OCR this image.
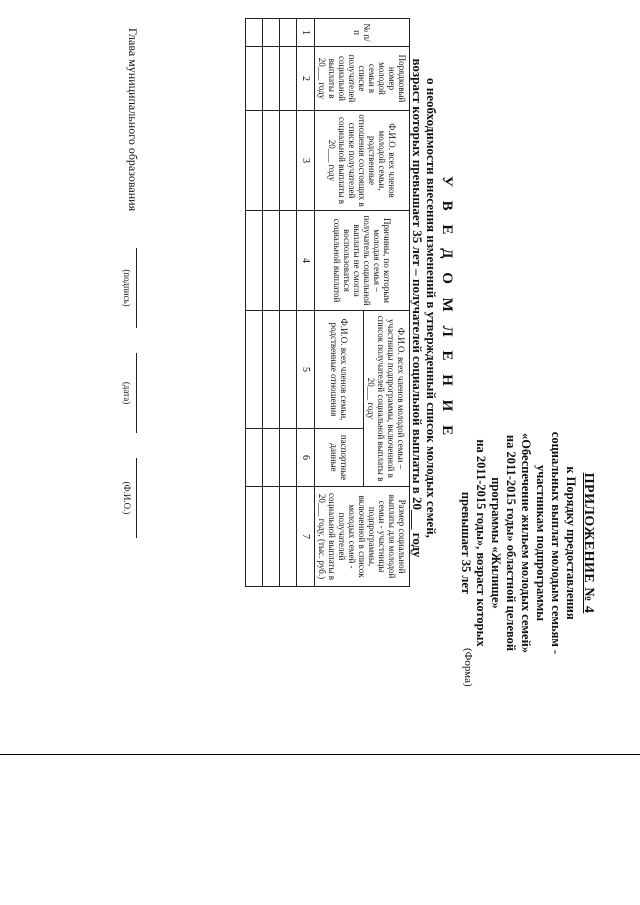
ПРИЛОЖЕНИЕ № 4
к Порядку предоставления
социальных выплат молодым семьям -
участникам подпрограммы
«Обеспечение жильем молодых семей»
на 2011-2015 годы» областной целевой
программы «Жилище»
на 2011-2015 годы», возраст которых
превышает 35 лет
(Форма)
У В Е Д О М Л Е Н И Е
о необходимости внесения изменений в утвержденный список молодых семей,
возраст которых превышает 35 лет – получателей социальной выплаты в 20___ году
№ п/п	Порядковый номер молодой семьи в списке получателей социальной выплаты в 20___ году	Ф.И.О. всех членов молодой семьи, родственные отношения состоящих в списке получателей социальной выплаты в 20___ году	Причины, по которым молодая семья – получатель социальной выплаты не смогла воспользоваться социальной выплатой	Ф.И.О. всех членов молодой семьи – участницы подпрограммы, включенной в список получателей социальной выплаты в 20___ году		Размер социальной выплаты для молодой семьи - участницы подпрограммы, включенной в список молодых семей - получателей социальной выплаты в 20___ году, (тыс. руб.)
				Ф.И.О. всех членов семьи, родственные отношения	паспортные данные	
1	2	3	4	5	6	7

Глава муниципального образования
(подпись)
(дата)
(Ф.И.О.)
